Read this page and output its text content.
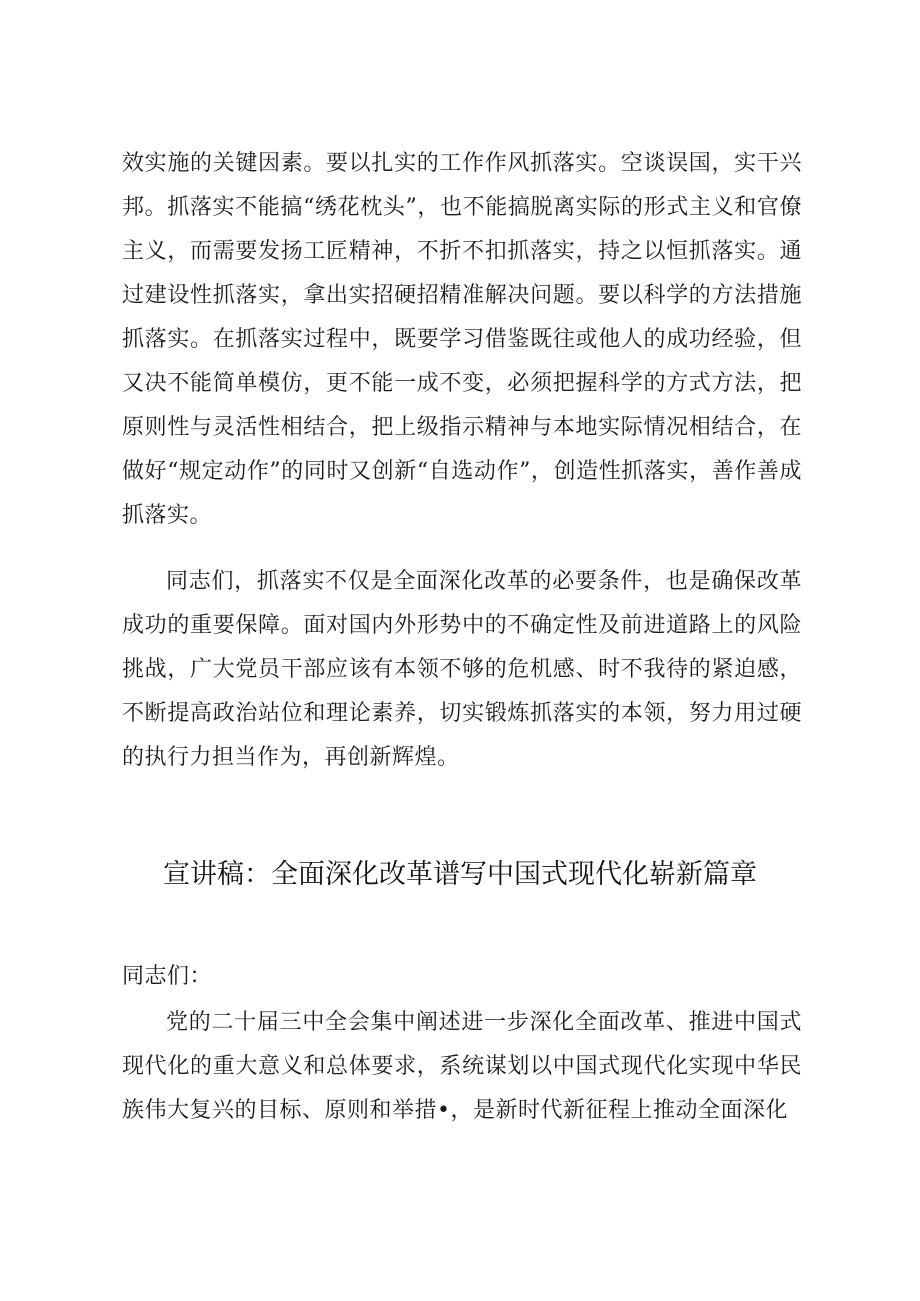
效实施的关键因素。要以扎实的工作作风抓落实。空谈误国，实干兴邦。抓落实不能搞“绣花枕头”，也不能搞脱离实际的形式主义和官僚主义，而需要发扬工匠精神，不折不扣抓落实，持之以恒抓落实。通过建设性抓落实，拿出实招硬招精准解决问题。要以科学的方法措施抓落实。在抓落实过程中，既要学习借鉴既往或他人的成功经验，但又决不能简单模仿，更不能一成不变，必须把握科学的方式方法，把原则性与灵活性相结合，把上级指示精神与本地实际情况相结合，在做好“规定动作”的同时又创新“自选动作”，创造性抓落实，善作善成抓落实。

同志们，抓落实不仅是全面深化改革的必要条件，也是确保改革成功的重要保障。面对国内外形势中的不确定性及前进道路上的风险挑战，广大党员干部应该有本领不够的危机感、时不我待的紧迫感，不断提高政治站位和理论素养，切实锻炼抓落实的本领，努力用过硬的执行力担当作为，再创新辉煌。

宣讲稿：全面深化改革谱写中国式现代化崭新篇章

同志们：

党的二十届三中全会集中阐述进一步深化全面改革、推进中国式现代化的重大意义和总体要求，系统谋划以中国式现代化实现中华民族伟大复兴的目标、原则和举措•，是新时代新征程上推动全面深化
